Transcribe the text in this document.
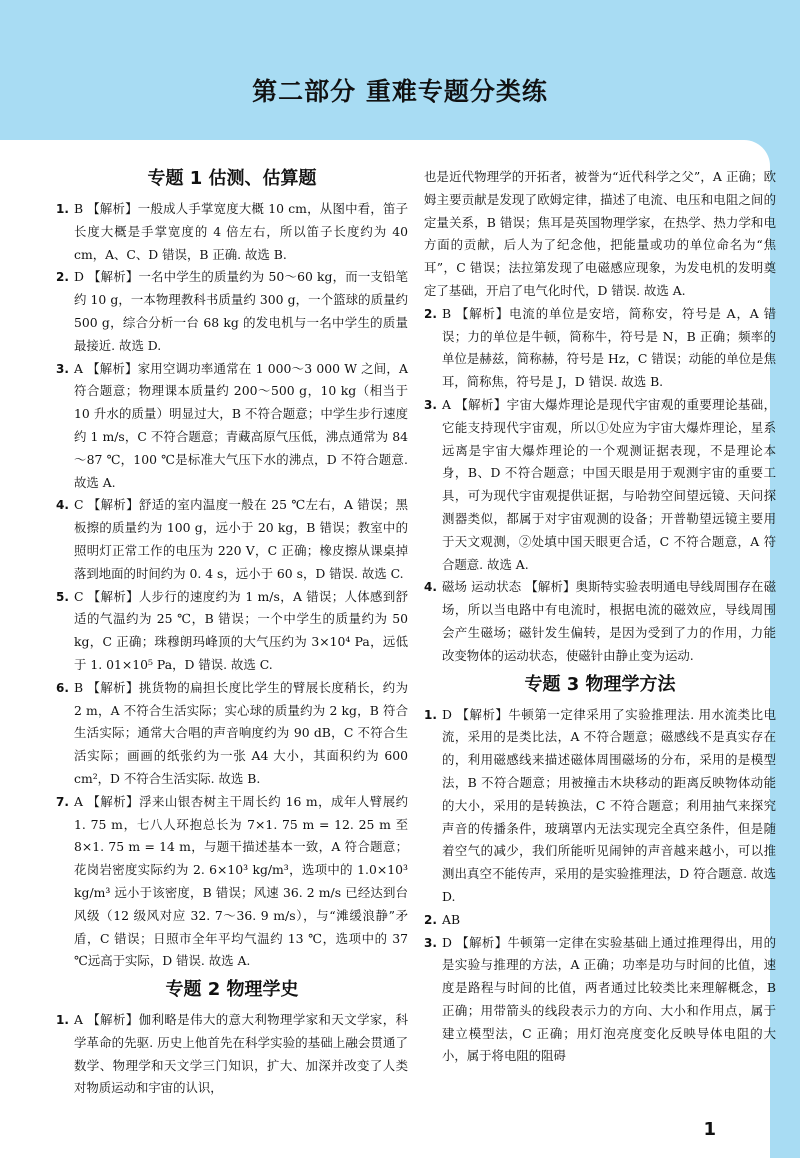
第二部分 重难专题分类练
专题 1 估测、估算题
1. B 【解析】一般成人手掌宽度大概 10 cm，从图中看，笛子长度大概是手掌宽度的 4 倍左右，所以笛子长度约为 40 cm，A、C、D 错误，B 正确. 故选 B.
2. D 【解析】一名中学生的质量约为 50～60 kg，而一支铅笔约 10 g，一本物理教科书质量约 300 g，一个篮球的质量约 500 g，综合分析一台 68 kg 的发电机与一名中学生的质量最接近. 故选 D.
3. A 【解析】家用空调功率通常在 1 000～3 000 W 之间，A 符合题意；物理课本质量约 200～500 g，10 kg（相当于 10 升水的质量）明显过大，B 不符合题意；中学生步行速度约 1 m/s，C 不符合题意；青藏高原气压低，沸点通常为 84～87 ℃，100 ℃是标准大气压下水的沸点，D 不符合题意. 故选 A.
4. C 【解析】舒适的室内温度一般在 25 ℃左右，A 错误；黑板擦的质量约为 100 g，远小于 20 kg，B 错误；教室中的照明灯正常工作的电压为 220 V，C 正确；橡皮擦从课桌掉落到地面的时间约为 0. 4 s，远小于 60 s，D 错误. 故选 C.
5. C 【解析】人步行的速度约为 1 m/s，A 错误；人体感到舒适的气温约为 25 ℃，B 错误；一个中学生的质量约为 50 kg，C 正确；珠穆朗玛峰顶的大气压约为 3×10⁴ Pa，远低于 1. 01×10⁵ Pa，D 错误. 故选 C.
6. B 【解析】挑货物的扁担长度比学生的臂展长度稍长，约为 2 m，A 不符合生活实际；实心球的质量约为 2 kg，B 符合生活实际；通常大合唱的声音响度约为 90 dB，C 不符合生活实际；画画的纸张约为一张 A4 大小，其面积约为 600 cm²，D 不符合生活实际. 故选 B.
7. A 【解析】浮来山银杏树主干周长约 16 m，成年人臂展约 1. 75 m，七八人环抱总长为 7×1. 75 m = 12. 25 m 至 8×1. 75 m = 14 m，与题干描述基本一致，A 符合题意；花岗岩密度实际约为 2. 6×10³ kg/m³，选项中的 1.0×10³ kg/m³ 远小于该密度，B 错误；风速 36. 2 m/s 已经达到台风级（12 级风对应 32. 7～36. 9 m/s），与“滩缓浪静”矛盾，C 错误；日照市全年平均气温约 13 ℃，选项中的 37 ℃远高于实际，D 错误. 故选 A.
专题 2 物理学史
1. A 【解析】伽利略是伟大的意大利物理学家和天文学家，科学革命的先驱. 历史上他首先在科学实验的基础上融会贯通了数学、物理学和天文学三门知识，扩大、加深并改变了人类对物质运动和宇宙的认识，
也是近代物理学的开拓者，被誉为“近代科学之父”，A 正确；欧姆主要贡献是发现了欧姆定律，描述了电流、电压和电阻之间的定量关系，B 错误；焦耳是英国物理学家，在热学、热力学和电方面的贡献，后人为了纪念他，把能量或功的单位命名为“焦耳”，C 错误；法拉第发现了电磁感应现象，为发电机的发明奠定了基础，开启了电气化时代，D 错误. 故选 A.
2. B 【解析】电流的单位是安培，简称安，符号是 A，A 错误；力的单位是牛顿，简称牛，符号是 N，B 正确；频率的单位是赫兹，简称赫，符号是 Hz，C 错误；动能的单位是焦耳，简称焦，符号是 J，D 错误. 故选 B.
3. A 【解析】宇宙大爆炸理论是现代宇宙观的重要理论基础，它能支持现代宇宙观，所以①处应为宇宙大爆炸理论，星系远离是宇宙大爆炸理论的一个观测证据表现，不是理论本身，B、D 不符合题意；中国天眼是用于观测宇宙的重要工具，可为现代宇宙观提供证据，与哈勃空间望远镜、天问探测器类似，都属于对宇宙观测的设备；开普勒望远镜主要用于天文观测，②处填中国天眼更合适，C 不符合题意，A 符合题意. 故选 A.
4. 磁场 运动状态 【解析】奥斯特实验表明通电导线周围存在磁场，所以当电路中有电流时，根据电流的磁效应，导线周围会产生磁场；磁针发生偏转，是因为受到了力的作用，力能改变物体的运动状态，使磁针由静止变为运动.
专题 3 物理学方法
1. D 【解析】牛顿第一定律采用了实验推理法. 用水流类比电流，采用的是类比法，A 不符合题意；磁感线不是真实存在的，利用磁感线来描述磁体周围磁场的分布，采用的是模型法，B 不符合题意；用被撞击木块移动的距离反映物体动能的大小，采用的是转换法，C 不符合题意；利用抽气来探究声音的传播条件，玻璃罩内无法实现完全真空条件，但是随着空气的减少，我们所能听见闹钟的声音越来越小，可以推测出真空不能传声，采用的是实验推理法，D 符合题意. 故选 D.
2. AB
3. D 【解析】牛顿第一定律在实验基础上通过推理得出，用的是实验与推理的方法，A 正确；功率是功与时间的比值，速度是路程与时间的比值，两者通过比较类比来理解概念，B 正确；用带箭头的线段表示力的方向、大小和作用点，属于建立模型法，C 正确；用灯泡亮度变化反映导体电阻的大小，属于将电阻的阻碍
1
